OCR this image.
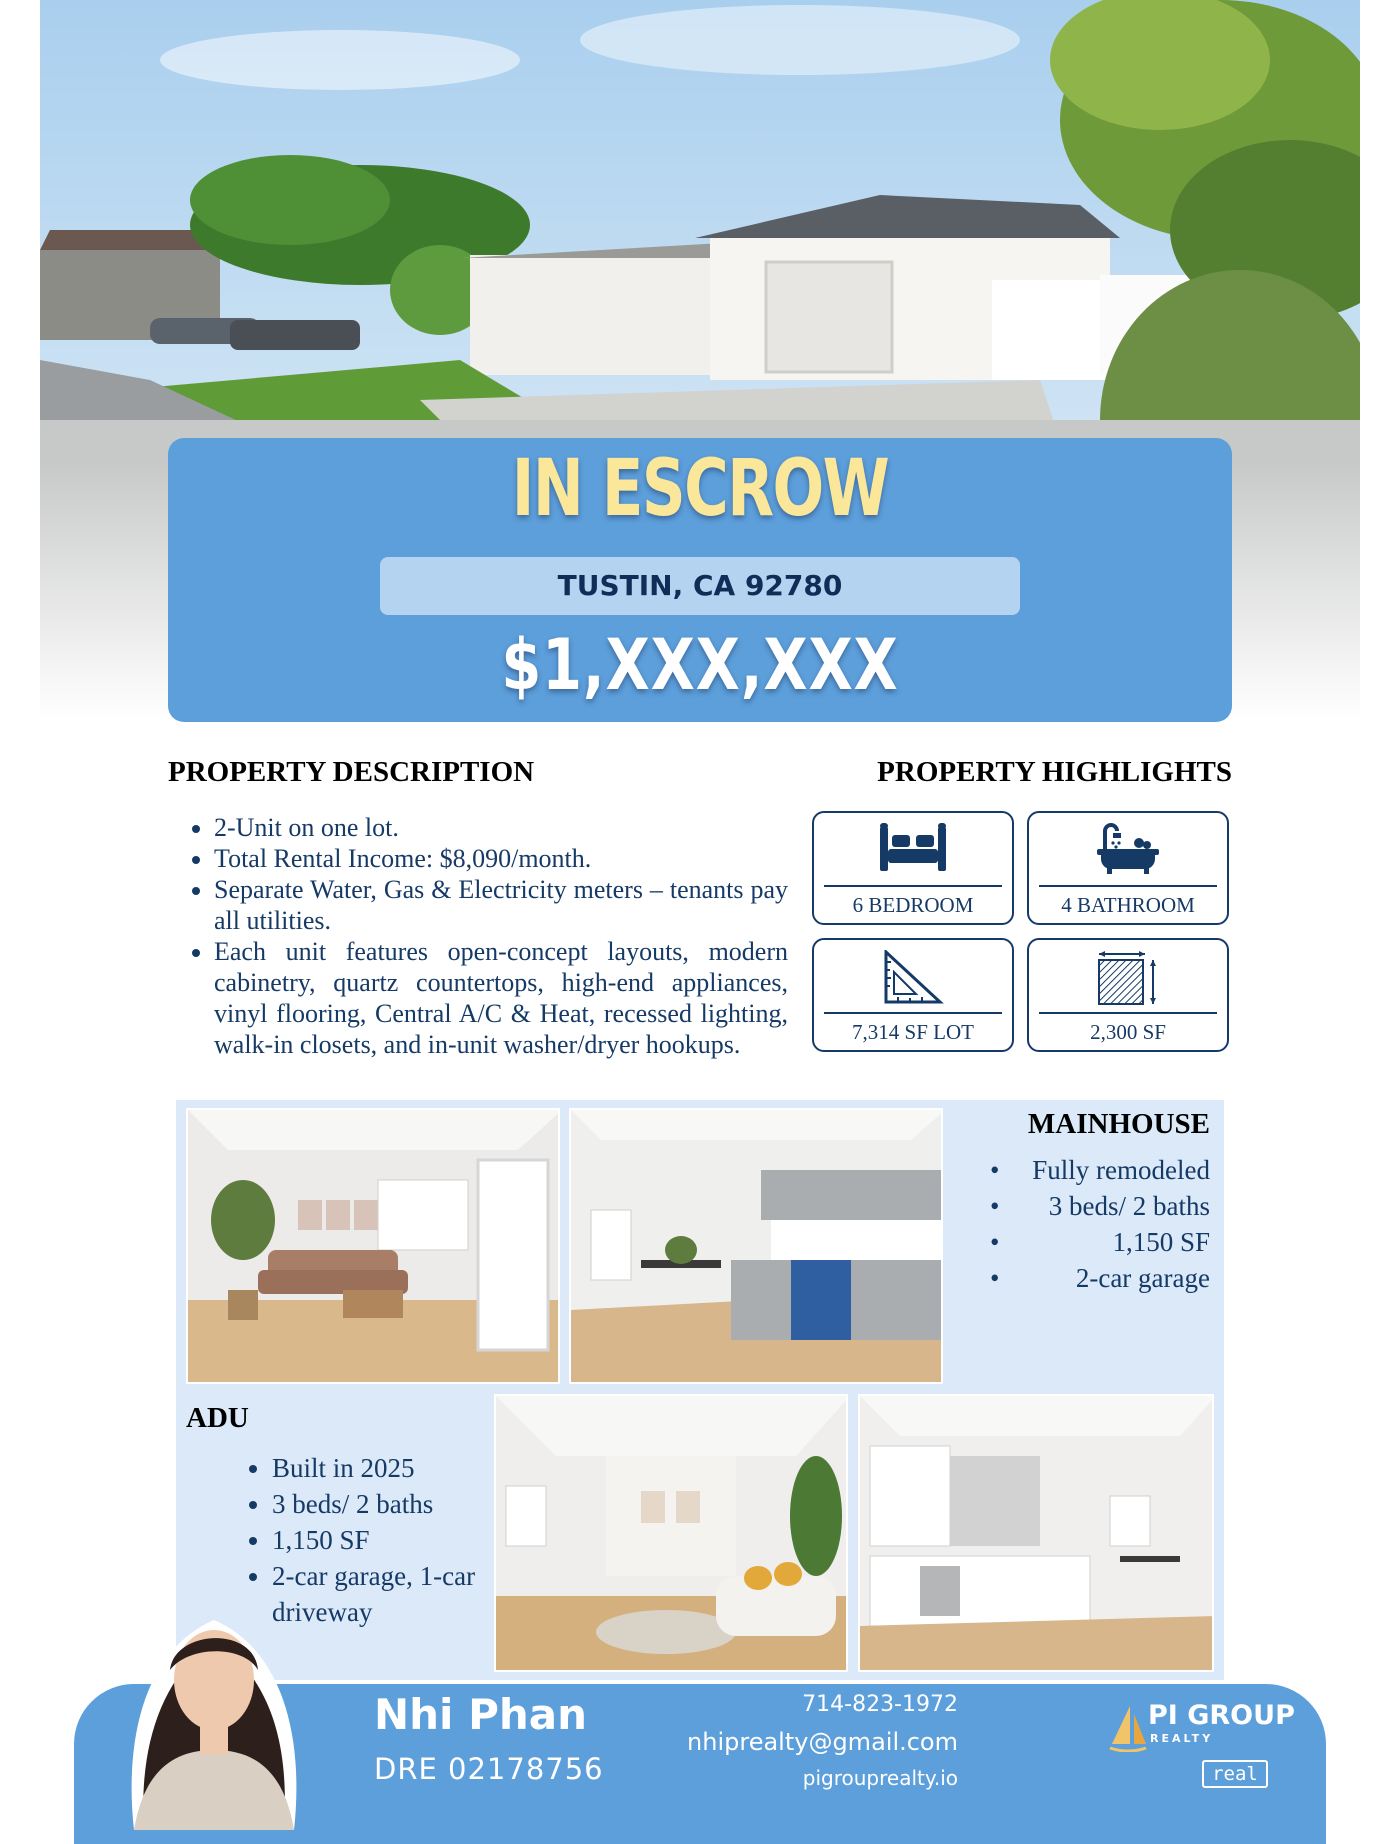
IN ESCROW
TUSTIN, CA 92780
$1,XXX,XXX
PROPERTY DESCRIPTION
• 2-Unit on one lot.
• Total Rental Income: $8,090/month.
• Separate Water, Gas & Electricity meters – tenants pay all utilities.
• Each unit features open-concept layouts, modern cabinetry, quartz countertops, high-end appliances, vinyl flooring, Central A/C & Heat, recessed lighting, walk-in closets, and in-unit washer/dryer hookups.
PROPERTY HIGHLIGHTS
6 BEDROOM	4 BATHROOM
7,314 SF LOT	2,300 SF
MAINHOUSE
• Fully remodeled
• 3 beds/ 2 baths
• 1,150 SF
• 2-car garage
ADU
• Built in 2025
• 3 beds/ 2 baths
• 1,150 SF
• 2-car garage, 1-car driveway
Nhi Phan
DRE 02178756
714-823-1972
nhiprealty@gmail.com
pigrouprealty.io
PI GROUP
REALTY
real
